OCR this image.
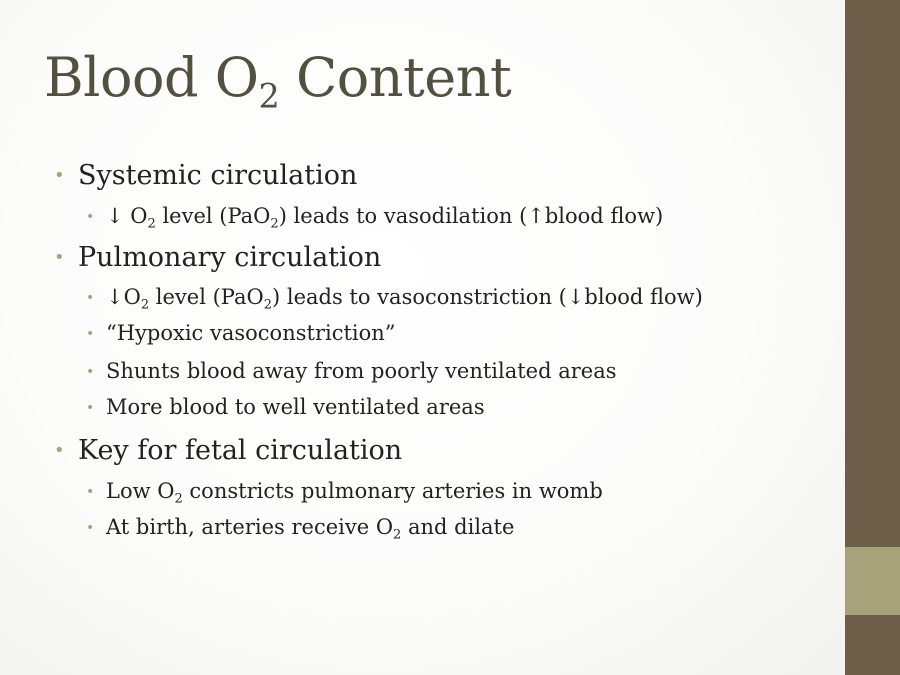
Blood $O_2$ Content
• Systemic circulation
• ↓ $O_2$ level (PaO$_2$) leads to vasodilation (↑blood flow)
• Pulmonary circulation
• $↓O_2$ level (PaO$_2$) leads to vasoconstriction (↓blood flow)
• “Hypoxic vasoconstriction”
• Shunts blood away from poorly ventilated areas
• More blood to well ventilated areas
• Key for fetal circulation
• Low $O_2$ constricts pulmonary arteries in womb
• At birth, arteries receive $O_2$ and dilate
